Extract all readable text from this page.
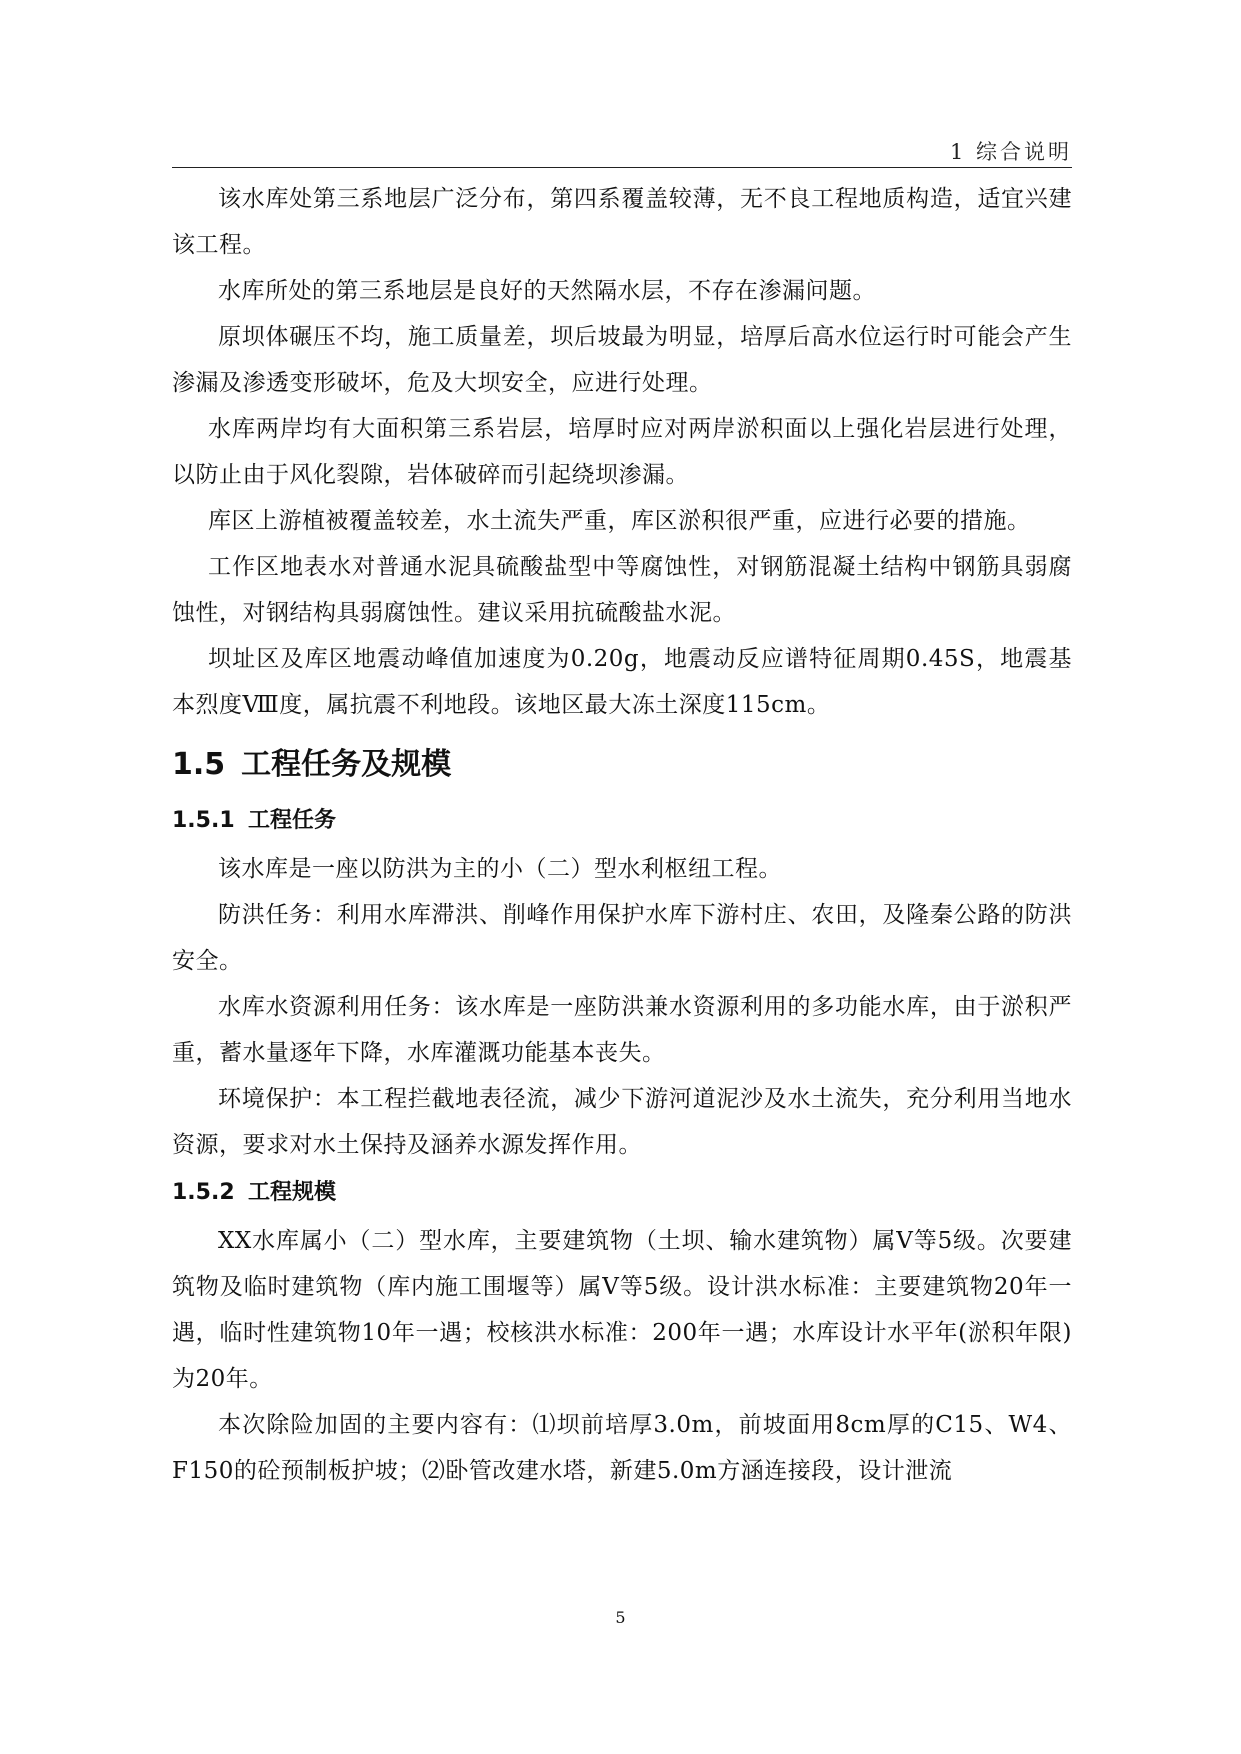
1 综合说明

该水库处第三系地层广泛分布，第四系覆盖较薄，无不良工程地质构造，适宜兴建该工程。

水库所处的第三系地层是良好的天然隔水层，不存在渗漏问题。

原坝体碾压不均，施工质量差，坝后坡最为明显，培厚后高水位运行时可能会产生渗漏及渗透变形破坏，危及大坝安全，应进行处理。

水库两岸均有大面积第三系岩层，培厚时应对两岸淤积面以上强化岩层进行处理，以防止由于风化裂隙，岩体破碎而引起绕坝渗漏。

库区上游植被覆盖较差，水土流失严重，库区淤积很严重，应进行必要的措施。

工作区地表水对普通水泥具硫酸盐型中等腐蚀性，对钢筋混凝土结构中钢筋具弱腐蚀性，对钢结构具弱腐蚀性。建议采用抗硫酸盐水泥。

坝址区及库区地震动峰值加速度为0.20g，地震动反应谱特征周期0.45S，地震基本烈度Ⅷ度，属抗震不利地段。该地区最大冻土深度115cm。

1.5 工程任务及规模
1.5.1 工程任务

该水库是一座以防洪为主的小（二）型水利枢纽工程。

防洪任务：利用水库滞洪、削峰作用保护水库下游村庄、农田，及隆秦公路的防洪安全。

水库水资源利用任务：该水库是一座防洪兼水资源利用的多功能水库，由于淤积严重，蓄水量逐年下降，水库灌溉功能基本丧失。

环境保护：本工程拦截地表径流，减少下游河道泥沙及水土流失，充分利用当地水资源，要求对水土保持及涵养水源发挥作用。

1.5.2 工程规模

XX水库属小（二）型水库，主要建筑物（土坝、输水建筑物）属Ⅴ等5级。次要建筑物及临时建筑物（库内施工围堰等）属Ⅴ等5级。设计洪水标准：主要建筑物20年一遇，临时性建筑物10年一遇；校核洪水标准：200年一遇；水库设计水平年(淤积年限)为20年。

本次除险加固的主要内容有：⑴坝前培厚3.0m，前坡面用8cm厚的C15、W4、F150的砼预制板护坡；⑵卧管改建水塔，新建5.0m方涵连接段，设计泄流

5
